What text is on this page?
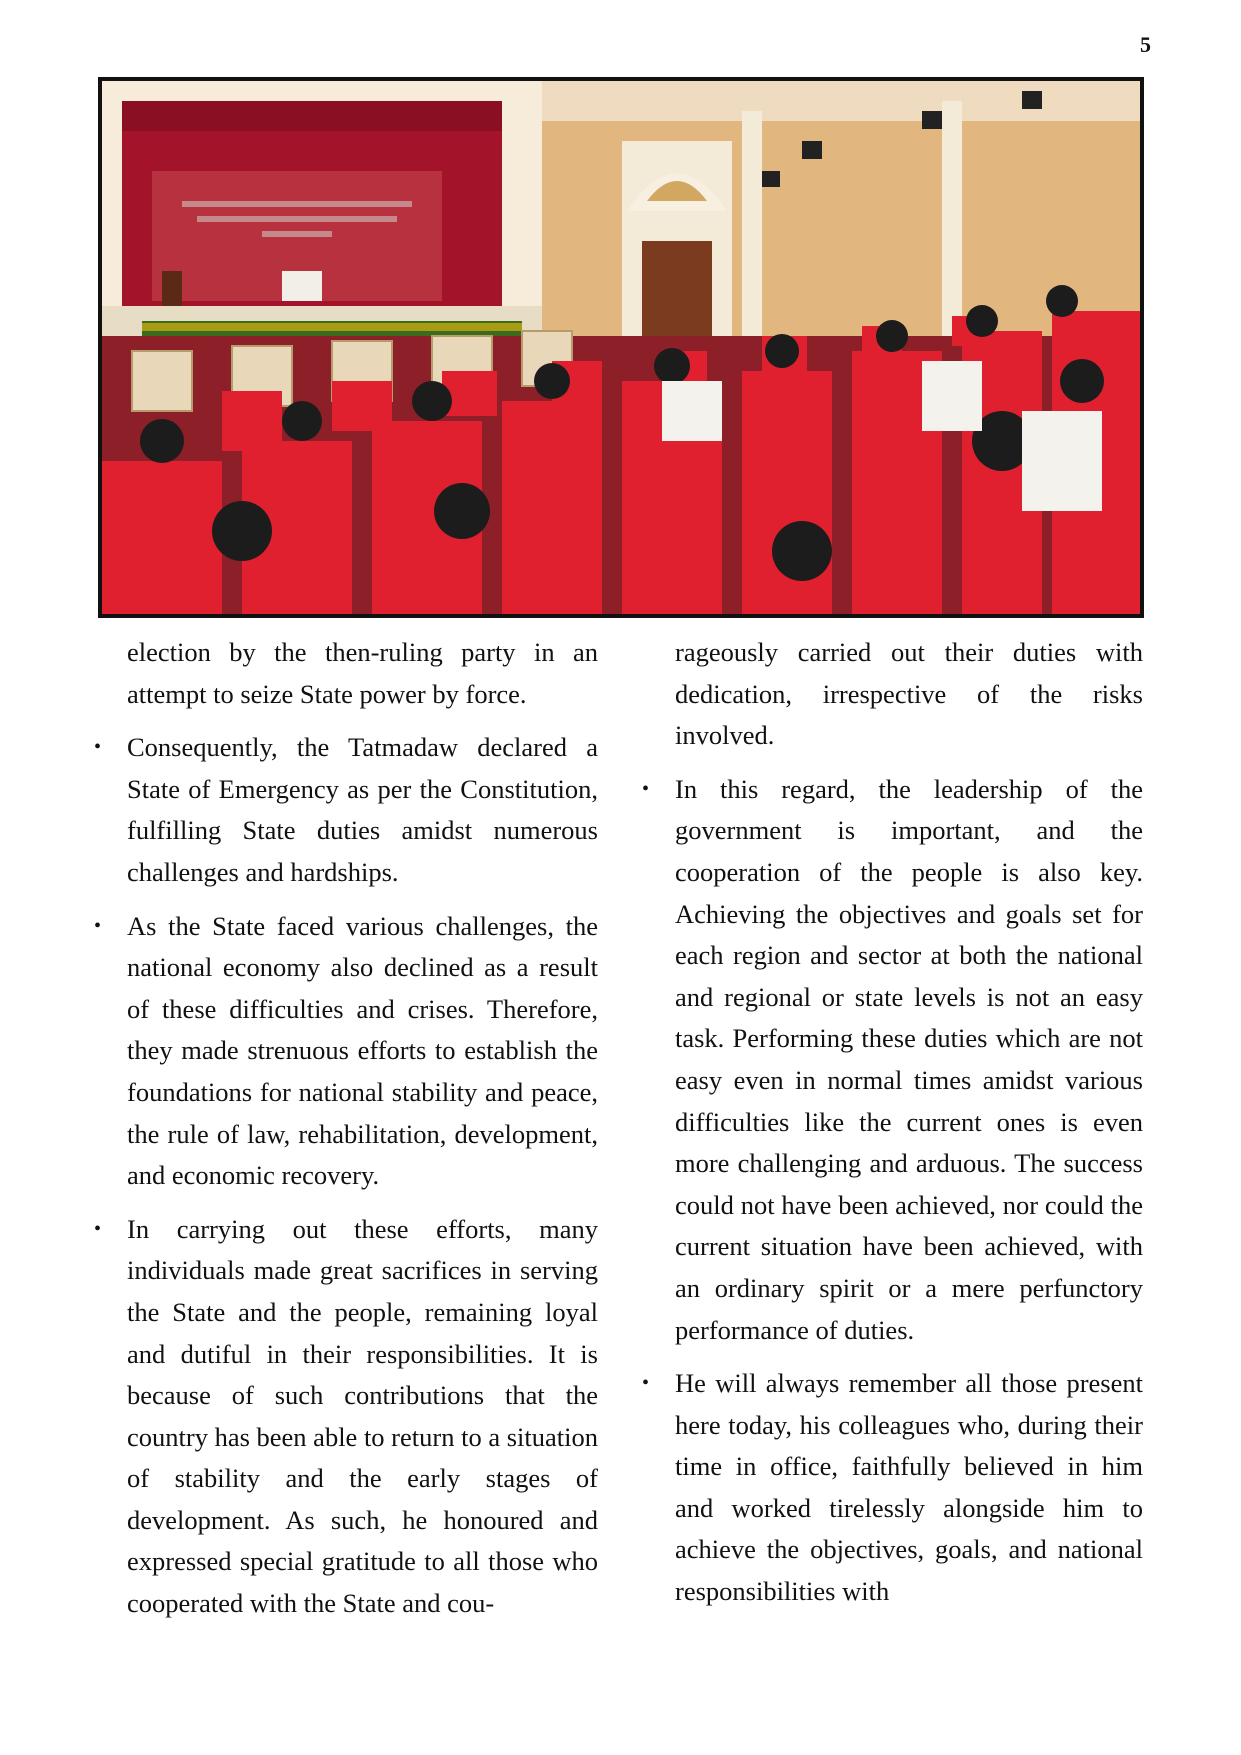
5

election by the then-ruling party in an attempt to seize State power by force.

• Consequently, the Tatmadaw declared a State of Emergency as per the Constitution, fulfilling State duties amidst numerous challenges and hardships.

• As the State faced various challenges, the national economy also declined as a result of these difficulties and crises. Therefore, they made strenuous efforts to establish the foundations for national stability and peace, the rule of law, rehabilitation, development, and economic recovery.

• In carrying out these efforts, many individuals made great sacrifices in serving the State and the people, remaining loyal and dutiful in their responsibilities. It is because of such contributions that the country has been able to return to a situation of stability and the early stages of development. As such, he honoured and expressed special gratitude to all those who cooperated with the State and cou-

rageously carried out their duties with dedication, irrespective of the risks involved.

• In this regard, the leadership of the government is important, and the cooperation of the people is also key. Achieving the objectives and goals set for each region and sector at both the national and regional or state levels is not an easy task. Performing these duties which are not easy even in normal times amidst various difficulties like the current ones is even more challenging and arduous. The success could not have been achieved, nor could the current situation have been achieved, with an ordinary spirit or a mere perfunctory performance of duties.

• He will always remember all those present here today, his colleagues who, during their time in office, faithfully believed in him and worked tirelessly alongside him to achieve the objectives, goals, and national responsibilities with
